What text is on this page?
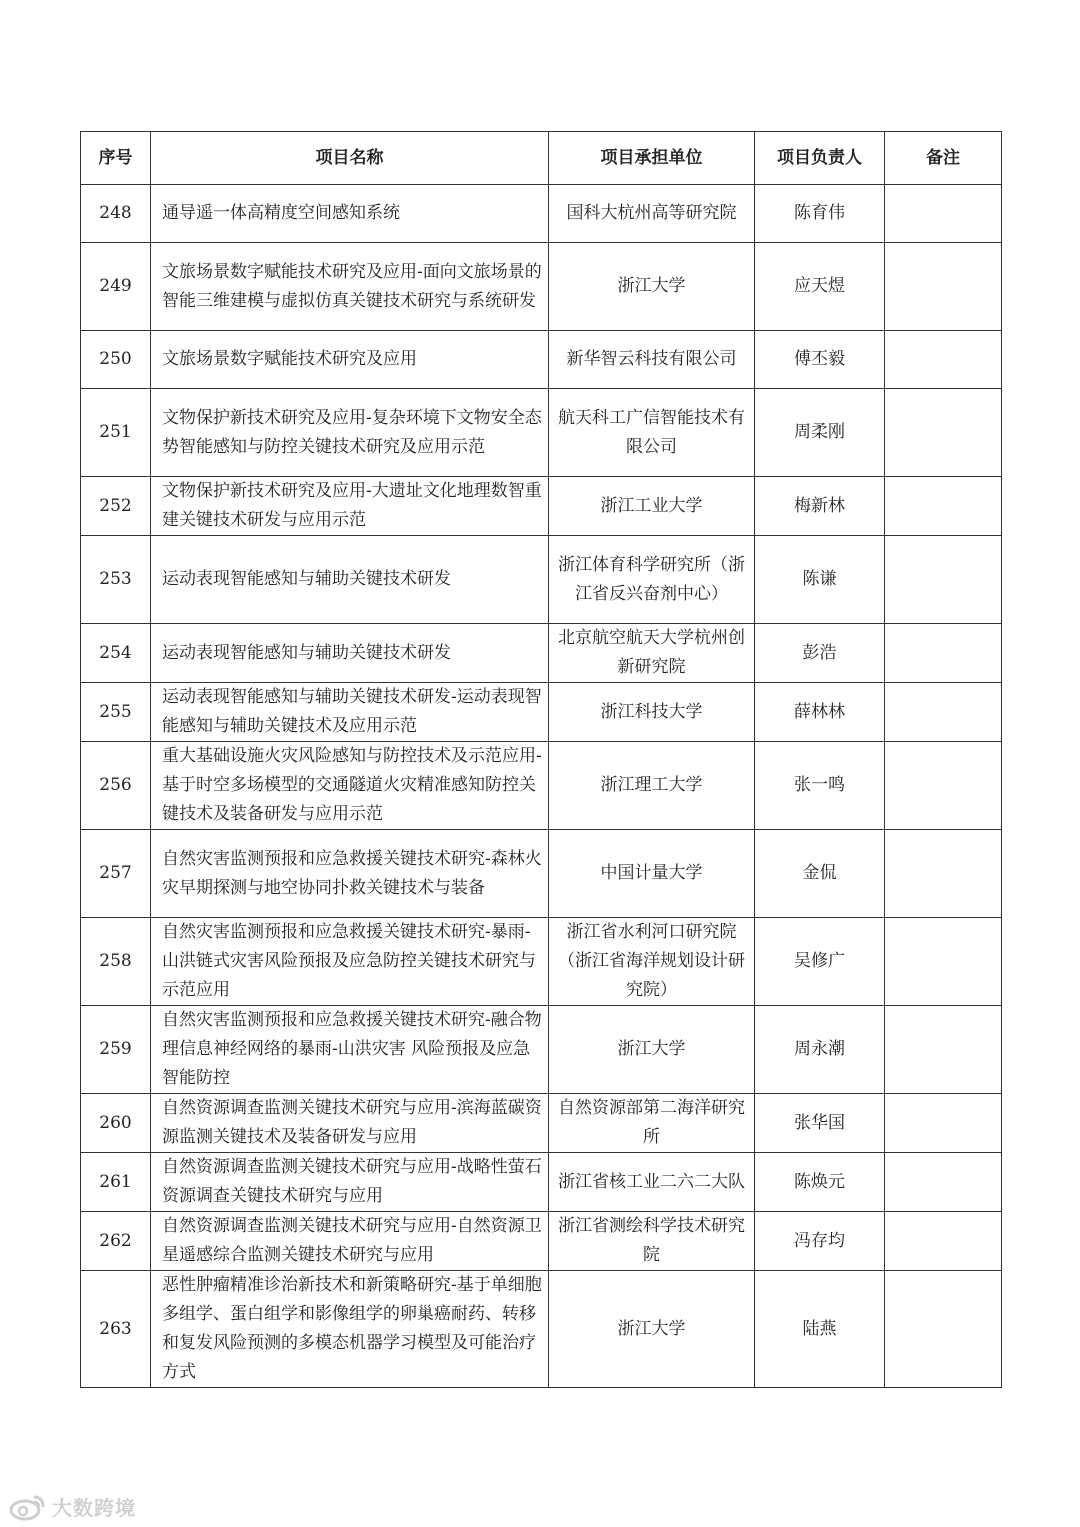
序号	项目名称	项目承担单位	项目负责人	备注
248	通导遥一体高精度空间感知系统	国科大杭州高等研究院	陈育伟	
249	文旅场景数字赋能技术研究及应用-面向文旅场景的智能三维建模与虚拟仿真关键技术研究与系统研发	浙江大学	应天煜	
250	文旅场景数字赋能技术研究及应用	新华智云科技有限公司	傅丕毅	
251	文物保护新技术研究及应用-复杂环境下文物安全态势智能感知与防控关键技术研究及应用示范	航天科工广信智能技术有限公司	周柔刚	
252	文物保护新技术研究及应用-大遗址文化地理数智重建关键技术研发与应用示范	浙江工业大学	梅新林	
253	运动表现智能感知与辅助关键技术研发	浙江体育科学研究所（浙江省反兴奋剂中心）	陈谦	
254	运动表现智能感知与辅助关键技术研发	北京航空航天大学杭州创新研究院	彭浩	
255	运动表现智能感知与辅助关键技术研发-运动表现智能感知与辅助关键技术及应用示范	浙江科技大学	薛林林	
256	重大基础设施火灾风险感知与防控技术及示范应用-基于时空多场模型的交通隧道火灾精准感知防控关键技术及装备研发与应用示范	浙江理工大学	张一鸣	
257	自然灾害监测预报和应急救援关键技术研究-森林火灾早期探测与地空协同扑救关键技术与装备	中国计量大学	金侃	
258	自然灾害监测预报和应急救援关键技术研究-暴雨-山洪链式灾害风险预报及应急防控关键技术研究与示范应用	浙江省水利河口研究院（浙江省海洋规划设计研究院）	吴修广	
259	自然灾害监测预报和应急救援关键技术研究-融合物理信息神经网络的暴雨-山洪灾害 风险预报及应急智能防控	浙江大学	周永潮	
260	自然资源调查监测关键技术研究与应用-滨海蓝碳资源监测关键技术及装备研发与应用	自然资源部第二海洋研究所	张华国	
261	自然资源调查监测关键技术研究与应用-战略性萤石资源调查关键技术研究与应用	浙江省核工业二六二大队	陈焕元	
262	自然资源调查监测关键技术研究与应用-自然资源卫星遥感综合监测关键技术研究与应用	浙江省测绘科学技术研究院	冯存均	
263	恶性肿瘤精准诊治新技术和新策略研究-基于单细胞多组学、蛋白组学和影像组学的卵巢癌耐药、转移和复发风险预测的多模态机器学习模型及可能治疗方式	浙江大学	陆燕	
大数跨境
